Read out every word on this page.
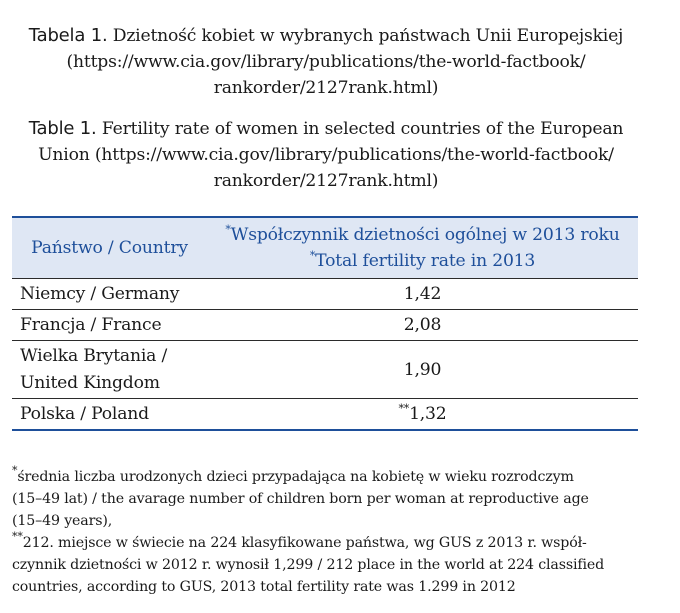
Tabela 1. Dzietność kobiet w wybranych państwach Unii Europejskiej
(https://www.cia.gov/library/publications/the-world-factbook/
rankorder/2127rank.html)
Table 1. Fertility rate of women in selected countries of the European
Union (https://www.cia.gov/library/publications/the-world-factbook/
rankorder/2127rank.html)
Państwo / Country	*Współczynnik dzietności ogólnej w 2013 roku
*Total fertility rate in 2013

Niemcy / Germany	1,42
Francja / France	2,08

Wielka Brytania /
United Kingdom	1,90
Polska / Poland	**1,32

*średnia liczba urodzonych dzieci przypadająca na kobietę w wieku rozrodczym

(15–49 lat) / the avarage number of children born per woman at reproductive age

(15–49 years),

**212. miejsce w świecie na 224 klasyfikowane państwa, wg GUS z 2013 r. współ-

czynnik dzietności w 2012 r. wynosił 1,299 / 212 place in the world at 224 classified

countries, according to GUS, 2013 total fertility rate was 1.299 in 2012
